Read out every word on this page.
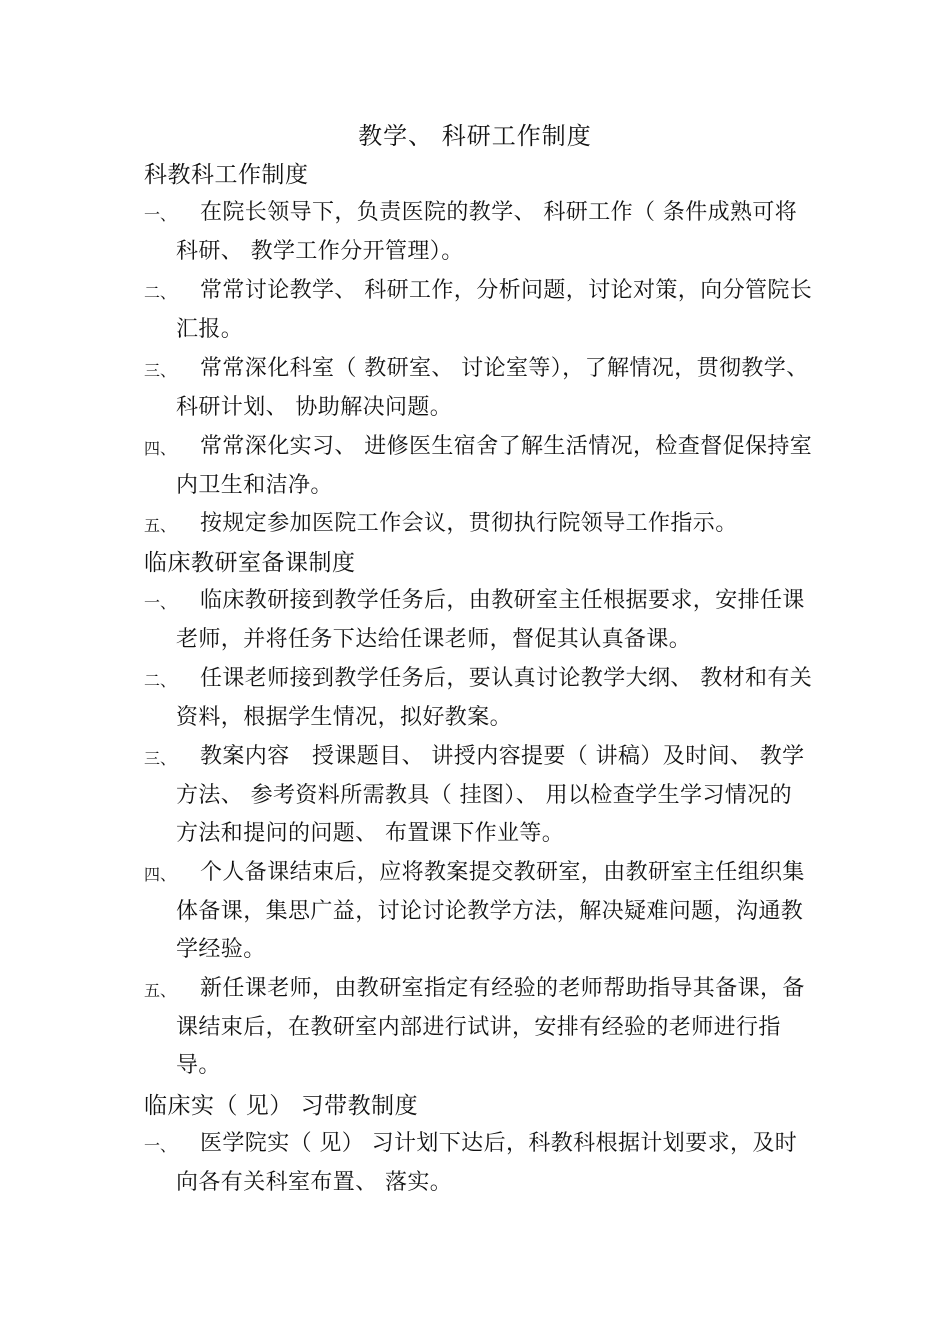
教学、 科研工作制度
科教科工作制度
一、	在院长领导下，负责医院的教学、 科研工作（ 条件成熟可将科研、 教学工作分开管理）。
二、	常常讨论教学、 科研工作，分析问题，讨论对策，向分管院长汇报。
三、	常常深化科室（ 教研室、 讨论室等），了解情况，贯彻教学、 科研计划、 协助解决问题。
四、	常常深化实习、 进修医生宿舍了解生活情况，检查督促保持室内卫生和洁净。
五、	按规定参加医院工作会议，贯彻执行院领导工作指示。
临床教研室备课制度
一、	临床教研接到教学任务后，由教研室主任根据要求，安排任课老师，并将任务下达给任课老师，督促其认真备课。
二、	任课老师接到教学任务后，要认真讨论教学大纲、 教材和有关资料，根据学生情况，拟好教案。
三、	教案内容　授课题目、 讲授内容提要（ 讲稿）及时间、 教学方法、 参考资料所需教具（ 挂图）、 用以检查学生学习情况的方法和提问的问题、 布置课下作业等。
四、	个人备课结束后，应将教案提交教研室，由教研室主任组织集体备课，集思广益，讨论讨论教学方法，解决疑难问题，沟通教学经验。
五、	新任课老师，由教研室指定有经验的老师帮助指导其备课，备课结束后，在教研室内部进行试讲，安排有经验的老师进行指导。
临床实（ 见） 习带教制度
一、	医学院实（ 见） 习计划下达后，科教科根据计划要求，及时向各有关科室布置、 落实。
